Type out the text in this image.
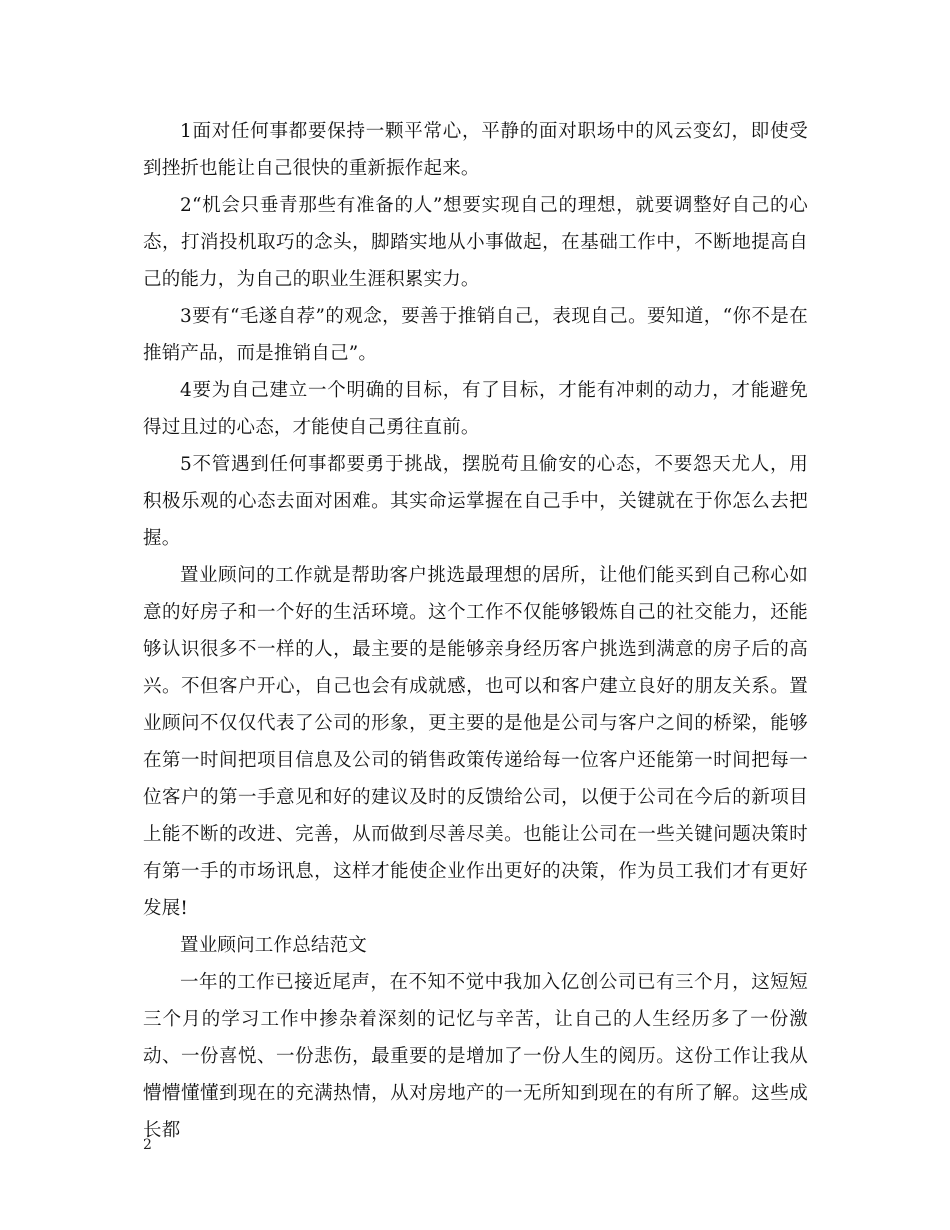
1面对任何事都要保持一颗平常心，平静的面对职场中的风云变幻，即使受到挫折也能让自己很快的重新振作起来。

2“机会只垂青那些有准备的人”想要实现自己的理想，就要调整好自己的心态，打消投机取巧的念头，脚踏实地从小事做起，在基础工作中，不断地提高自己的能力，为自己的职业生涯积累实力。

3要有“毛遂自荐”的观念，要善于推销自己，表现自己。要知道，“你不是在推销产品，而是推销自己”。

4要为自己建立一个明确的目标，有了目标，才能有冲刺的动力，才能避免得过且过的心态，才能使自己勇往直前。

5不管遇到任何事都要勇于挑战，摆脱苟且偷安的心态，不要怨天尤人，用积极乐观的心态去面对困难。其实命运掌握在自己手中，关键就在于你怎么去把握。

置业顾问的工作就是帮助客户挑选最理想的居所，让他们能买到自己称心如意的好房子和一个好的生活环境。这个工作不仅能够锻炼自己的社交能力，还能够认识很多不一样的人，最主要的是能够亲身经历客户挑选到满意的房子后的高兴。不但客户开心，自己也会有成就感，也可以和客户建立良好的朋友关系。置业顾问不仅仅代表了公司的形象，更主要的是他是公司与客户之间的桥梁，能够在第一时间把项目信息及公司的销售政策传递给每一位客户还能第一时间把每一位客户的第一手意见和好的建议及时的反馈给公司，以便于公司在今后的新项目上能不断的改进、完善，从而做到尽善尽美。也能让公司在一些关键问题决策时有第一手的市场讯息，这样才能使企业作出更好的决策，作为员工我们才有更好发展!

置业顾问工作总结范文

一年的工作已接近尾声，在不知不觉中我加入亿创公司已有三个月，这短短三个月的学习工作中掺杂着深刻的记忆与辛苦，让自己的人生经历多了一份激动、一份喜悦、一份悲伤，最重要的是增加了一份人生的阅历。这份工作让我从懵懵懂懂到现在的充满热情，从对房地产的一无所知到现在的有所了解。这些成长都

2
